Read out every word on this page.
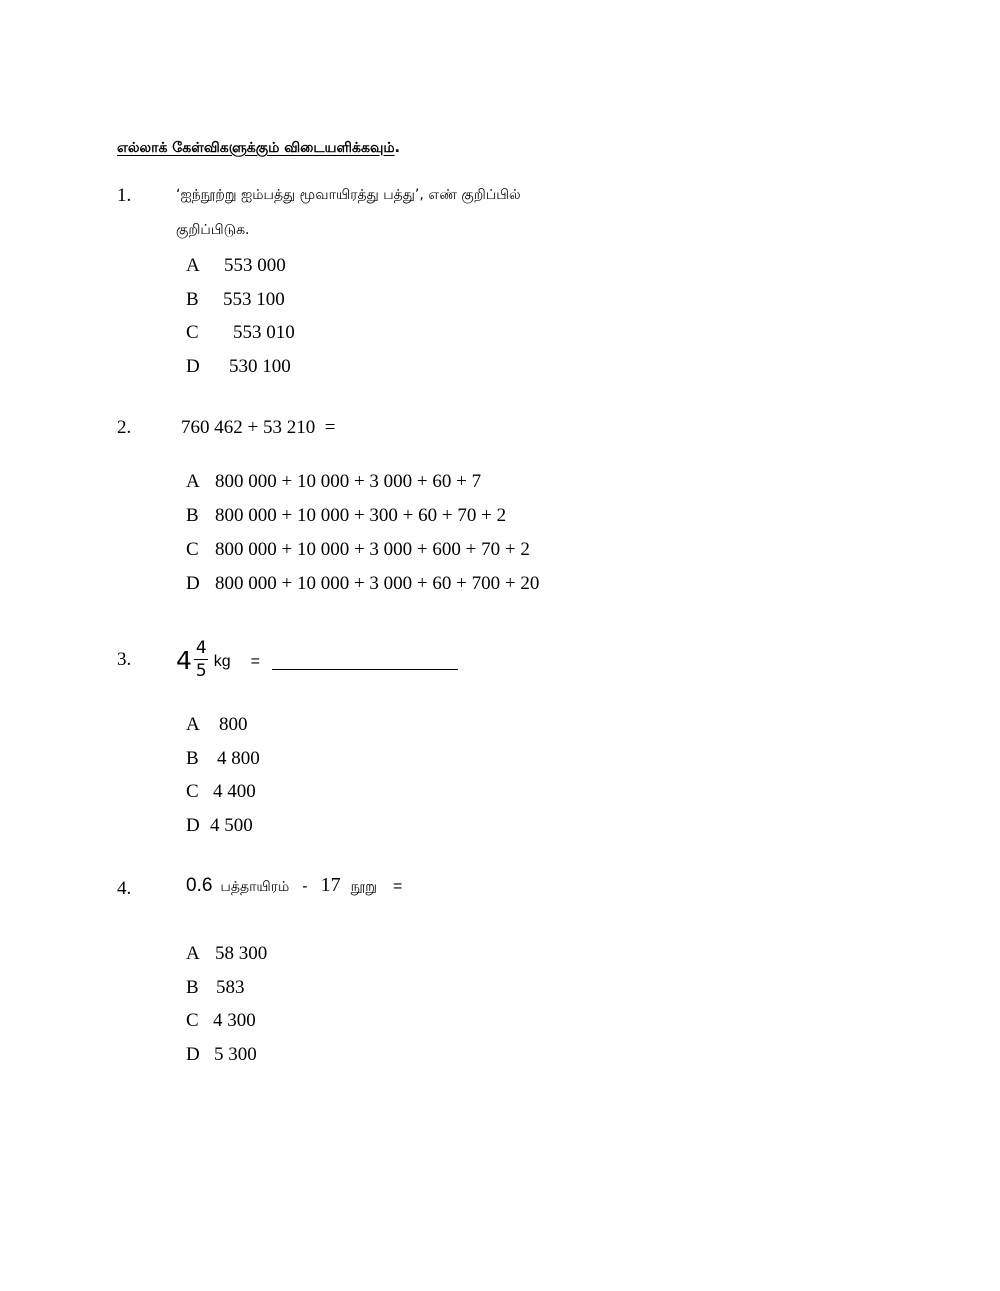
எல்லாக் கேள்விகளுக்கும் விடையளிக்கவும்.
1.	‘ஐந்நூற்று ஐம்பத்து மூவாயிரத்து பத்து’, எண் குறிப்பில்
குறிப்பிடுக.
A 553 000
B 553 100
C 553 010
D 530 100
2.	760 462 + 53 210  =
A 800 000 + 10 000 + 3 000 + 60 + 7
B 800 000 + 10 000 + 300 + 60 + 70 + 2
C 800 000 + 10 000 + 3 000 + 600 + 70 + 2
D 800 000 + 10 000 + 3 000 + 60 + 700 + 20
3. $4 \frac{4}{5}$ kg =
A 800
B 4 800
C 4 400
D 4 500
4.	0.6 பத்தாயிரம் - 17 நூறு =
A 58 300
B 583
C 4 300
D 5 300
